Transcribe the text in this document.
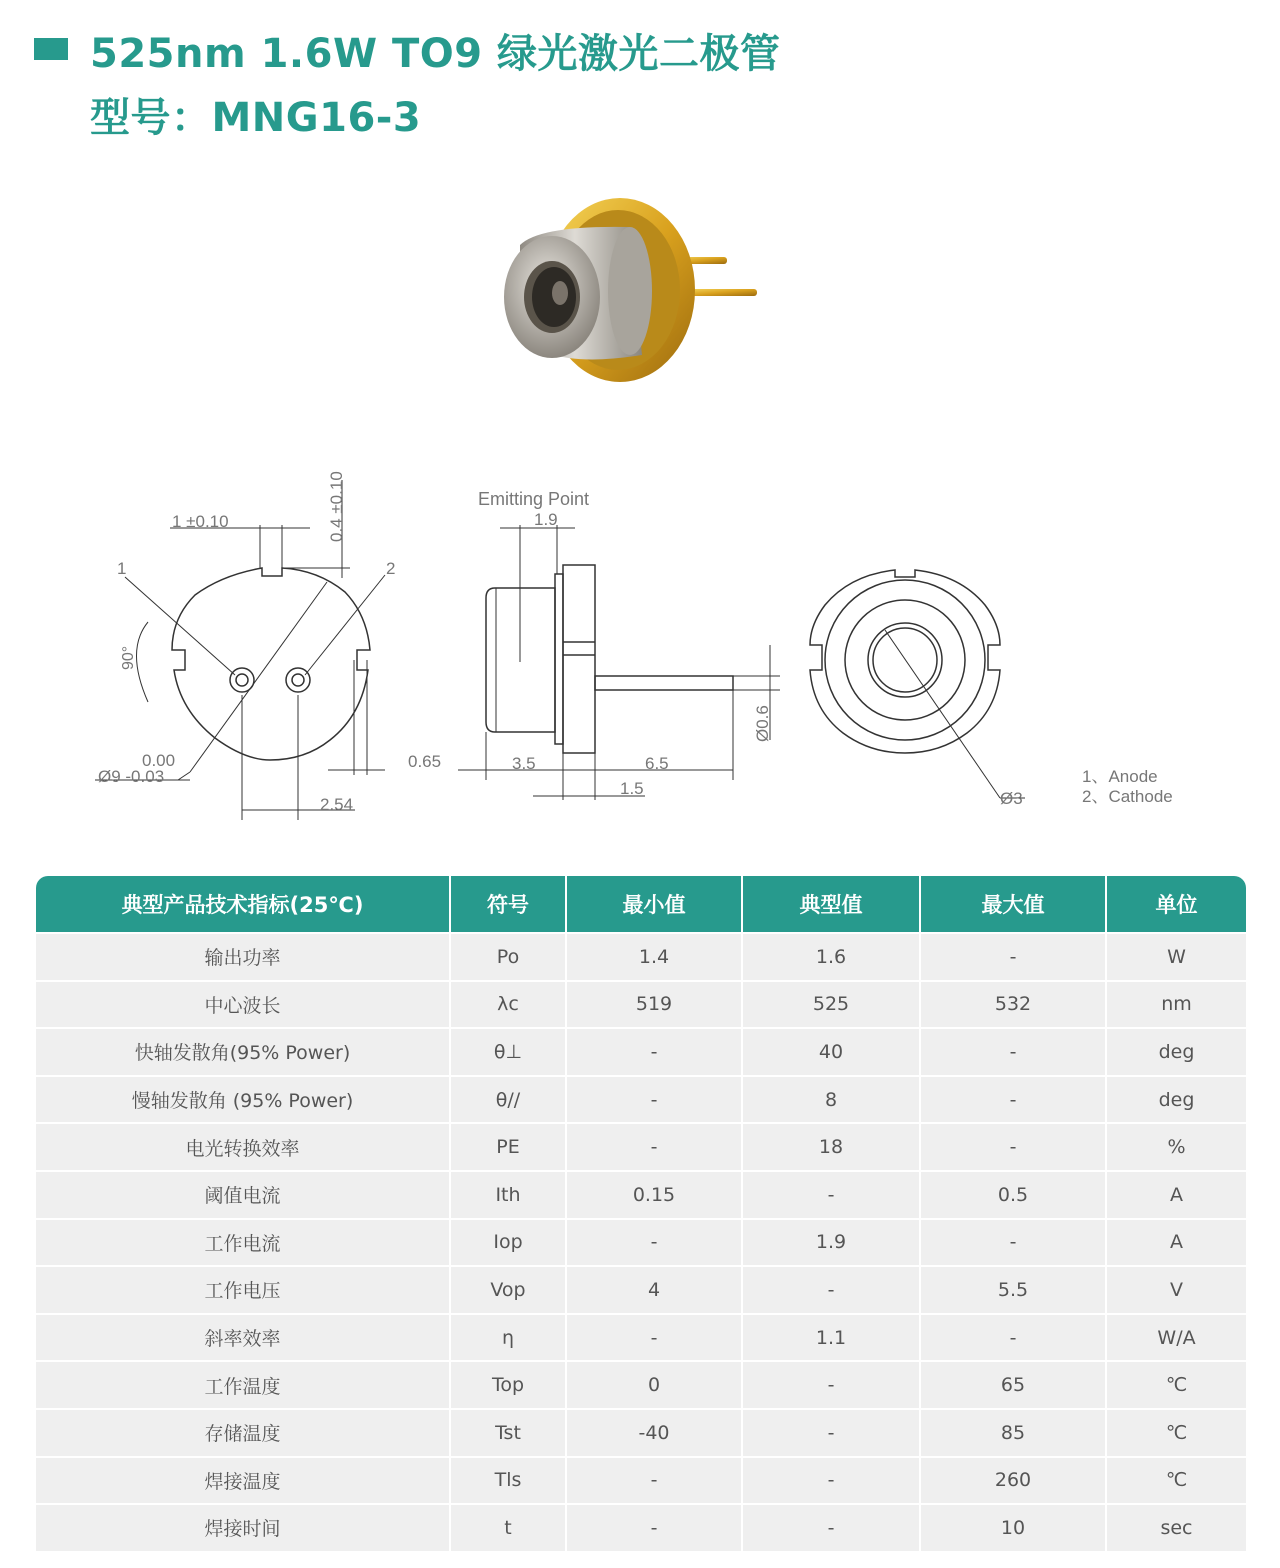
525nm 1.6W TO9 绿光激光二极管
型号：MNG16-3
1 ±0.10	0.4 ±0.10
1	2
90°
0.00
Ø9 -0.03
0.65
2.54
Emitting Point
1.9
3.5	6.5
1.5
Ø0.6
Ø3
1、Anode
2、Cathode
典型产品技术指标(25℃)	符号	最小值	典型值	最大值	单位
输出功率	Po	1.4	1.6	-	W
中心波长	λc	519	525	532	nm
快轴发散角(95% Power)	θ⊥	-	40	-	deg
慢轴发散角 (95% Power)	θ//	-	8	-	deg
电光转换效率	PE	-	18	-	%
阈值电流	Ith	0.15	-	0.5	A
工作电流	Iop	-	1.9	-	A
工作电压	Vop	4	-	5.5	V
斜率效率	η	-	1.1	-	W/A
工作温度	Top	0	-	65	℃
存储温度	Tst	-40	-	85	℃
焊接温度	Tls	-	-	260	℃
焊接时间	t	-	-	10	sec
